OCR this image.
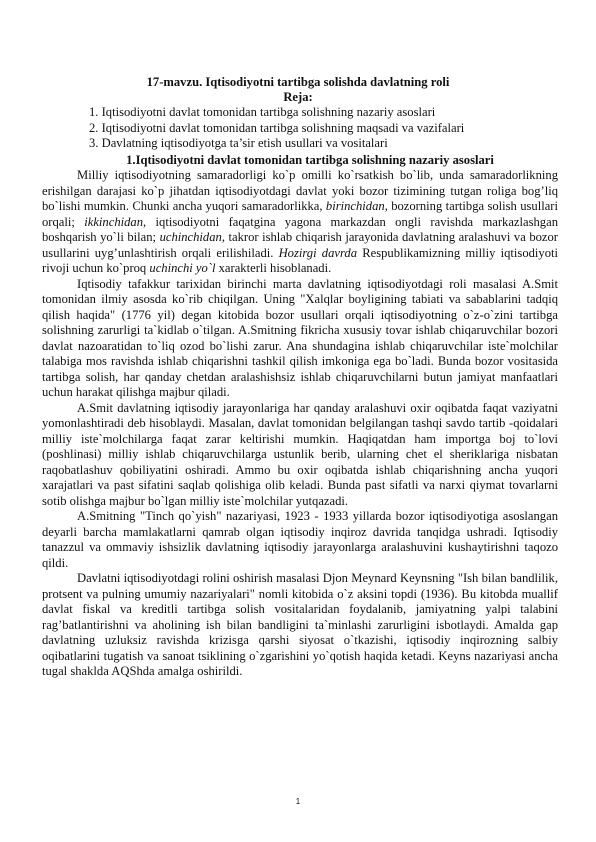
17-mavzu. Iqtisodiyotni tartibga solishda davlatning roli
Reja:
1. Iqtisodiyotni davlat tomonidan tartibga solishning nazariy asoslari
2. Iqtisodiyotni davlat tomonidan tartibga solishning maqsadi va vazifalari
3. Davlatning iqtisodiyotga ta’sir etish usullari va vositalari
1.Iqtisodiyotni davlat tomonidan tartibga solishning nazariy asoslari

Milliy iqtisodiyotning samaradorligi ko`p omilli ko`rsatkish bo`lib, unda samaradorlikning erishilgan darajasi ko`p jihatdan iqtisodiyotdagi davlat yoki bozor tizimining tutgan roliga bog’liq bo`lishi mumkin. Chunki ancha yuqori samaradorlikka, birinchidan, bozorning tartibga solish usullari orqali; ikkinchidan, iqtisodiyotni faqatgina yagona markazdan ongli ravishda markazlashgan boshqarish yo`li bilan; uchinchidan, takror ishlab chiqarish jarayonida davlatning aralashuvi va bozor usullarini uyg’unlashtirish orqali erilishiladi. Hozirgi davrda Respublikamizning milliy iqtisodiyoti rivoji uchun ko`proq uchinchi yo`l xarakterli hisoblanadi.

Iqtisodiy tafakkur tarixidan birinchi marta davlatning iqtisodiyotdagi roli masalasi A.Smit tomonidan ilmiy asosda ko`rib chiqilgan. Uning "Xalqlar boyligining tabiati va sabablarini tadqiq qilish haqida" (1776 yil) degan kitobida bozor usullari orqali iqtisodiyotning o`z-o`zini tartibga solishning zarurligi ta`kidlab o`tilgan. A.Smitning fikricha xususiy tovar ishlab chiqaruvchilar bozori davlat nazoaratidan to`liq ozod bo`lishi zarur. Ana shundagina ishlab chiqaruvchilar iste`molchilar talabiga mos ravishda ishlab chiqarishni tashkil qilish imkoniga ega bo`ladi. Bunda bozor vositasida tartibga solish, har qanday chetdan aralashishsiz ishlab chiqaruvchilarni butun jamiyat manfaatlari uchun harakat qilishga majbur qiladi.

A.Smit davlatning iqtisodiy jarayonlariga har qanday aralashuvi oxir oqibatda faqat vaziyatni yomonlashtiradi deb hisoblaydi. Masalan, davlat tomonidan belgilangan tashqi savdo tartib -qoidalari milliy iste`molchilarga faqat zarar keltirishi mumkin. Haqiqatdan ham importga boj to`lovi (poshlinasi) milliy ishlab chiqaruvchilarga ustunlik berib, ularning chet el sheriklariga nisbatan raqobatlashuv qobiliyatini oshiradi. Ammo bu oxir oqibatda ishlab chiqarishning ancha yuqori xarajatlari va past sifatini saqlab qolishiga olib keladi. Bunda past sifatli va narxi qiymat tovarlarni sotib olishga majbur bo`lgan milliy iste`molchilar yutqazadi.

A.Smitning "Tinch qo`yish" nazariyasi, 1923 - 1933 yillarda bozor iqtisodiyotiga asoslangan deyarli barcha mamlakatlarni qamrab olgan iqtisodiy inqiroz davrida tanqidga ushradi. Iqtisodiy tanazzul va ommaviy ishsizlik davlatning iqtisodiy jarayonlarga aralashuvini kushaytirishni taqozo qildi.

Davlatni iqtisodiyotdagi rolini oshirish masalasi Djon Meynard Keynsning "Ish bilan bandlilik, protsent va pulning umumiy nazariyalari" nomli kitobida o`z aksini topdi (1936). Bu kitobda muallif davlat fiskal va kreditli tartibga solish vositalaridan foydalanib, jamiyatning yalpi talabini rag’batlantirishni va aholining ish bilan bandligini ta`minlashi zarurligini isbotlaydi. Amalda gap davlatning uzluksiz ravishda krizisga qarshi siyosat o`tkazishi, iqtisodiy inqirozning salbiy oqibatlarini tugatish va sanoat tsiklining o`zgarishini yo`qotish haqida ketadi. Keyns nazariyasi ancha tugal shaklda AQShda amalga oshirildi.

1
